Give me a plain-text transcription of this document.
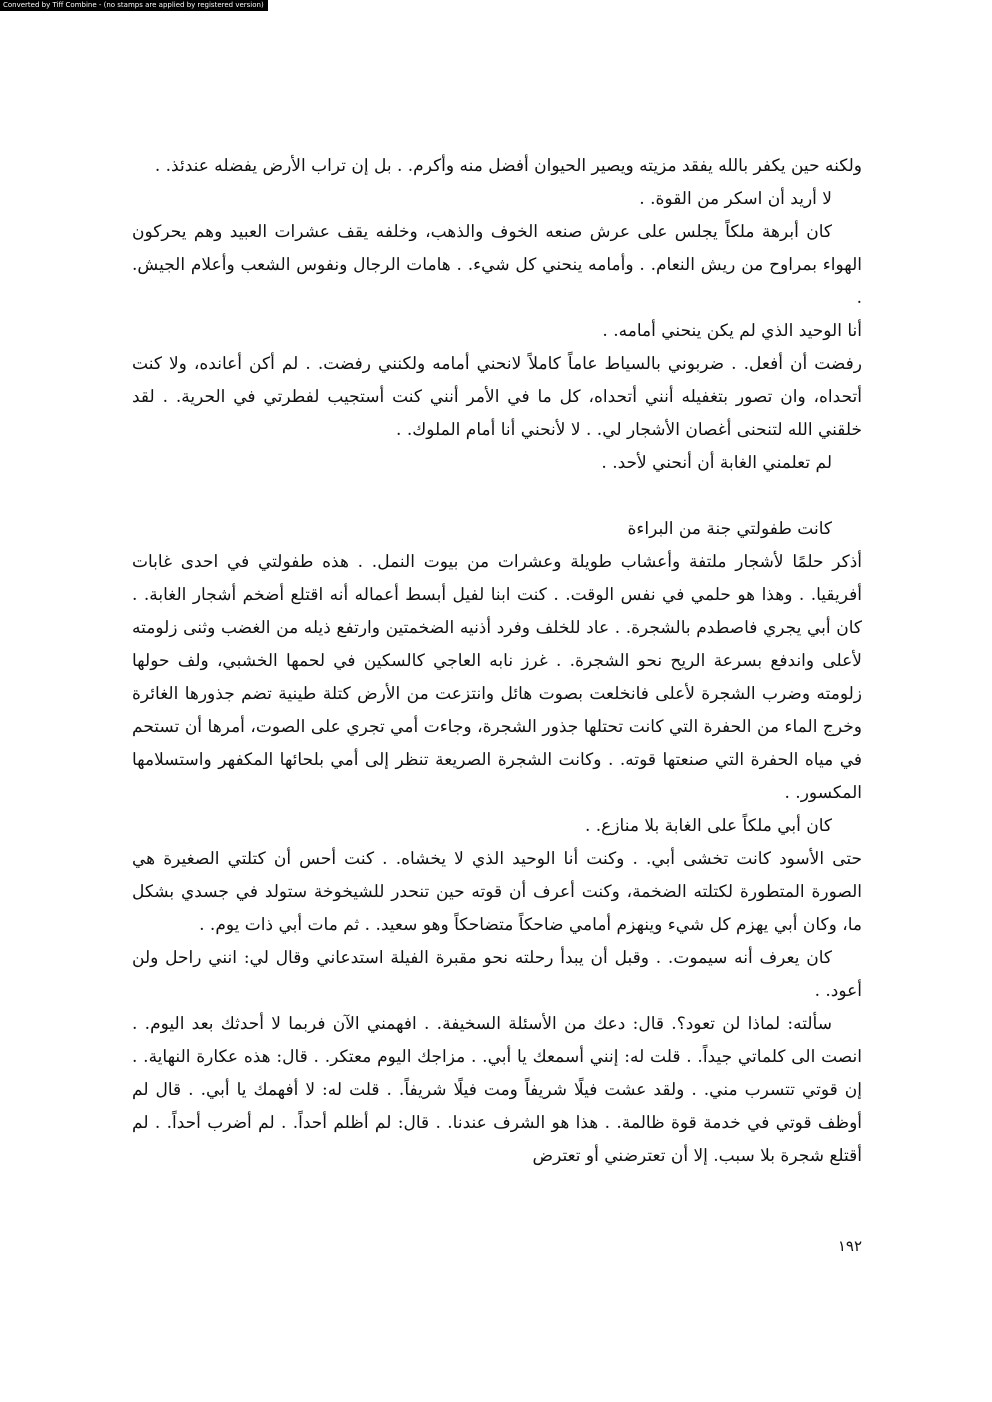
Converted by Tiff Combine - (no stamps are applied by registered version)

ولكنه حين يكفر بالله يفقد مزيته ويصير الحيوان أفضل منه وأكرم. . بل إن تراب الأرض يفضله عندئذ. .

لا أريد أن اسكر من القوة. .

كان أبرهة ملكاً يجلس على عرش صنعه الخوف والذهب، وخلفه يقف عشرات العبيد وهم يحركون الهواء بمراوح من ريش النعام. . وأمامه ينحني كل شيء. . هامات الرجال ونفوس الشعب وأعلام الجيش. .

أنا الوحيد الذي لم يكن ينحني أمامه. .

رفضت أن أفعل. . ضربوني بالسياط عاماً كاملاً لانحني أمامه ولكنني رفضت. . لم أكن أعانده، ولا كنت أتحداه، وان تصور بتغفيله أنني أتحداه، كل ما في الأمر أنني كنت أستجيب لفطرتي في الحرية. . لقد خلقني الله لتنحنى أغصان الأشجار لي. . لا لأنحني أنا أمام الملوك. .

لم تعلمني الغابة أن أنحني لأحد. .

كانت طفولتي جنة من البراءة

أذكر حلمًا لأشجار ملتفة وأعشاب طويلة وعشرات من بيوت النمل. . هذه طفولتي في احدى غابات أفريقيا. . وهذا هو حلمي في نفس الوقت. . كنت ابنا لفيل أبسط أعماله أنه اقتلع أضخم أشجار الغابة. . كان أبي يجري فاصطدم بالشجرة. . عاد للخلف وفرد أذنيه الضخمتين وارتفع ذيله من الغضب وثنى زلومته لأعلى واندفع بسرعة الريح نحو الشجرة. . غرز نابه العاجي كالسكين في لحمها الخشبي، ولف حولها زلومته وضرب الشجرة لأعلى فانخلعت بصوت هائل وانتزعت من الأرض كتلة طينية تضم جذورها الغائرة وخرج الماء من الحفرة التي كانت تحتلها جذور الشجرة، وجاءت أمي تجري على الصوت، أمرها أن تستحم في مياه الحفرة التي صنعتها قوته. . وكانت الشجرة الصريعة تنظر إلى أمي بلحائها المكفهر واستسلامها المكسور. .

كان أبي ملكاً على الغابة بلا منازع. .

حتى الأسود كانت تخشى أبي. . وكنت أنا الوحيد الذي لا يخشاه. . كنت أحس أن كتلتي الصغيرة هي الصورة المتطورة لكتلته الضخمة، وكنت أعرف أن قوته حين تنحدر للشيخوخة ستولد في جسدي بشكل ما، وكان أبي يهزم كل شيء وينهزم أمامي ضاحكاً متضاحكاً وهو سعيد. . ثم مات أبي ذات يوم. .

كان يعرف أنه سيموت. . وقبل أن يبدأ رحلته نحو مقبرة الفيلة استدعاني وقال لي: انني راحل ولن أعود. .

سألته: لماذا لن تعود؟. قال: دعك من الأسئلة السخيفة. . افهمني الآن فربما لا أحدثك بعد اليوم. . انصت الى كلماتي جيداً. . قلت له: إنني أسمعك يا أبي. . مزاجك اليوم معتكر. . قال: هذه عكارة النهاية. . إن قوتي تتسرب مني. . ولقد عشت فيلًا شريفاً ومت فيلًا شريفاً. . قلت له: لا أفهمك يا أبي. . قال لم أوظف قوتي في خدمة قوة ظالمة. . هذا هو الشرف عندنا. . قال: لم أظلم أحداً. . لم أضرب أحداً. . لم أقتلع شجرة بلا سبب. إلا أن تعترضني أو تعترض

١٩٢
